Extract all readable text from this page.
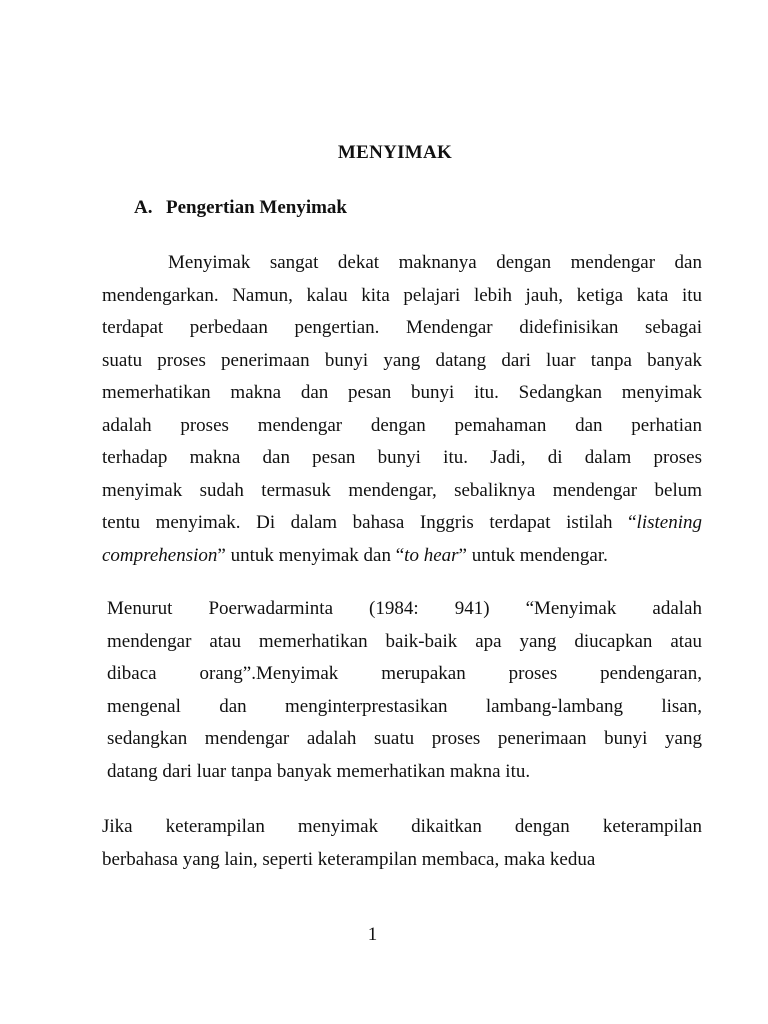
MENYIMAK
A. Pengertian Menyimak
Menyimak sangat dekat maknanya dengan mendengar dan
mendengarkan. Namun, kalau kita pelajari lebih jauh, ketiga kata itu
terdapat perbedaan pengertian. Mendengar didefinisikan sebagai
suatu proses penerimaan bunyi yang datang dari luar tanpa banyak
memerhatikan makna dan pesan bunyi itu. Sedangkan menyimak
adalah proses mendengar dengan pemahaman dan perhatian
terhadap makna dan pesan bunyi itu. Jadi, di dalam proses
menyimak sudah termasuk mendengar, sebaliknya mendengar belum
tentu menyimak. Di dalam bahasa Inggris terdapat istilah “listening
comprehension” untuk menyimak dan “to hear” untuk mendengar.
Menurut Poerwadarminta (1984: 941) “Menyimak adalah
mendengar atau memerhatikan baik-baik apa yang diucapkan atau
dibaca orang”.Menyimak merupakan proses pendengaran,
mengenal dan menginterprestasikan lambang-lambang lisan,
sedangkan mendengar adalah suatu proses penerimaan bunyi yang
datang dari luar tanpa banyak memerhatikan makna itu.
Jika keterampilan menyimak dikaitkan dengan keterampilan
berbahasa yang lain, seperti keterampilan membaca, maka kedua

1
